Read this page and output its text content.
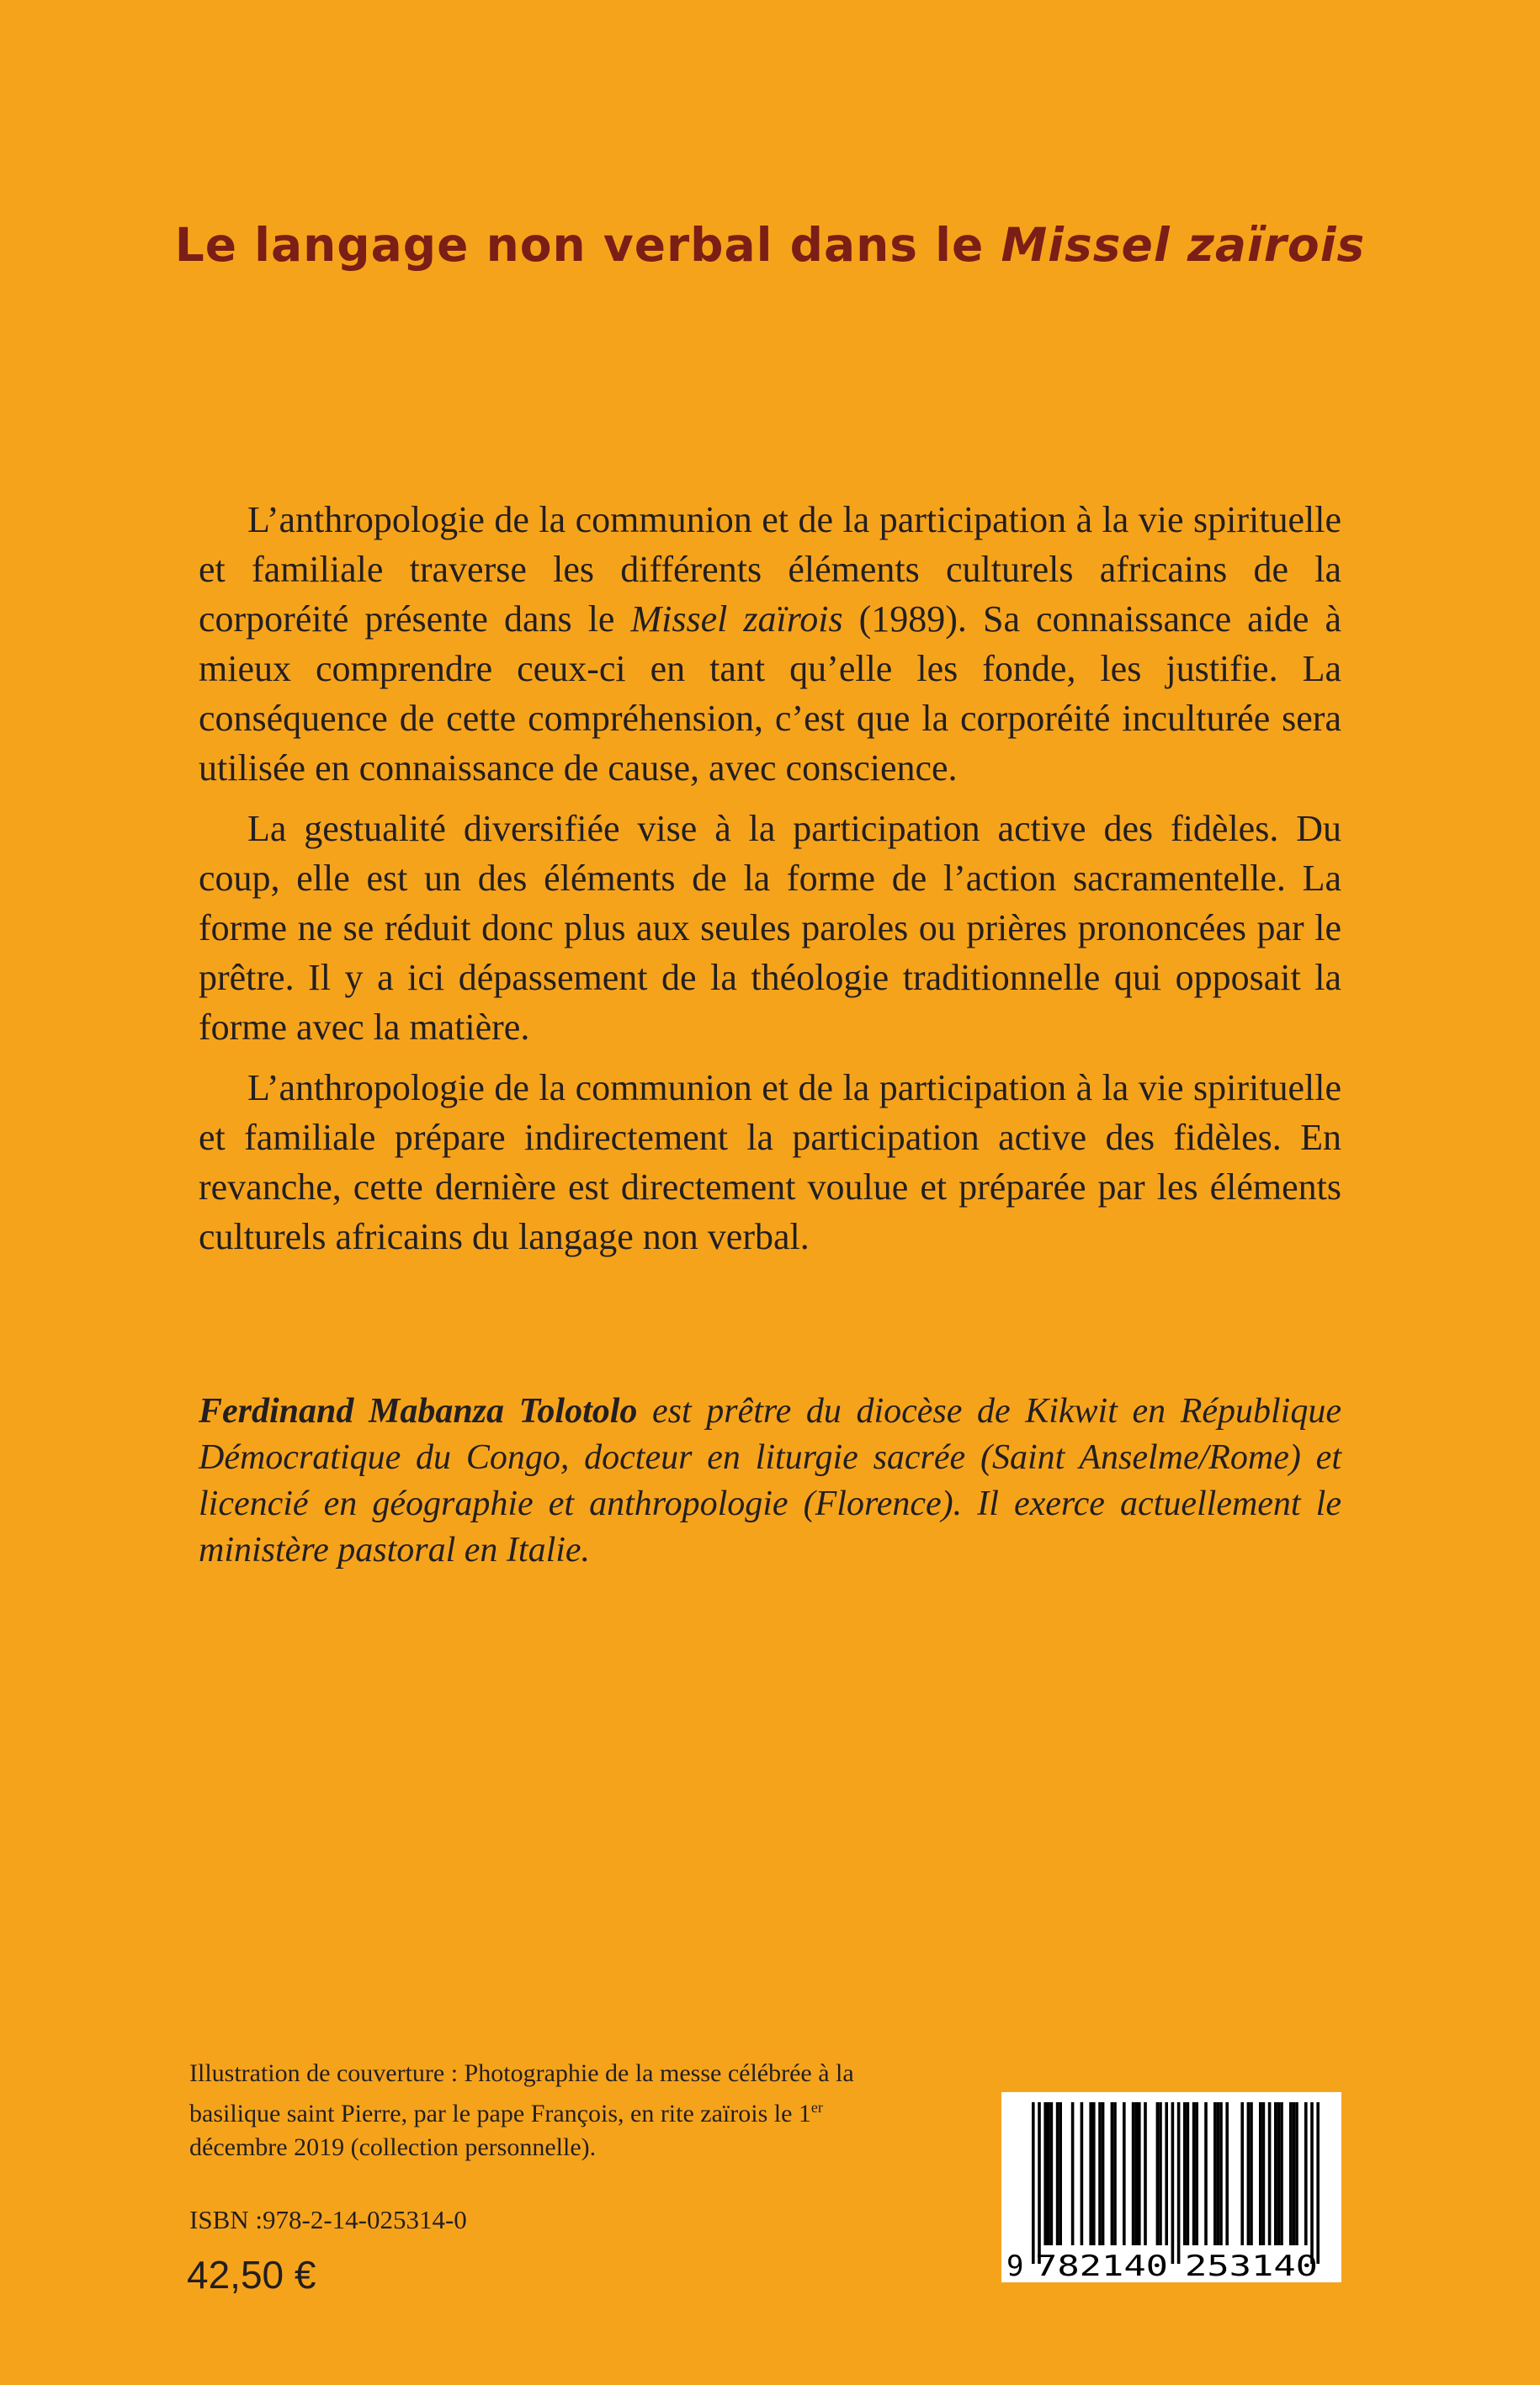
Le langage non verbal dans le Missel zaïrois

L’anthropologie de la communion et de la participation à la vie spirituelle et familiale traverse les différents éléments culturels africains de la corporéité présente dans le Missel zaïrois (1989). Sa connaissance aide à mieux comprendre ceux-ci en tant qu’elle les fonde, les justifie. La conséquence de cette compréhension, c’est que la corporéité inculturée sera utilisée en connaissance de cause, avec conscience.

La gestualité diversifiée vise à la participation active des fidèles. Du coup, elle est un des éléments de la forme de l’action sacramentelle. La forme ne se réduit donc plus aux seules paroles ou prières prononcées par le prêtre. Il y a ici dépassement de la théologie traditionnelle qui opposait la forme avec la matière.

L’anthropologie de la communion et de la participation à la vie spirituelle et familiale prépare indirectement la participation active des fidèles. En revanche, cette dernière est directement voulue et préparée par les éléments culturels africains du langage non verbal.

Ferdinand Mabanza Tolotolo est prêtre du diocèse de Kikwit en République Démocratique du Congo, docteur en liturgie sacrée (Saint Anselme/Rome) et licencié en géographie et anthropologie (Florence). Il exerce actuellement le ministère pastoral en Italie.
Illustration de couverture : Photographie de la messe célébrée à la basilique saint Pierre, par le pape François, en rite zaïrois le 1er décembre 2019 (collection personnelle).
ISBN :978-2-14-025314-0
42,50 €	9 782140 253140
